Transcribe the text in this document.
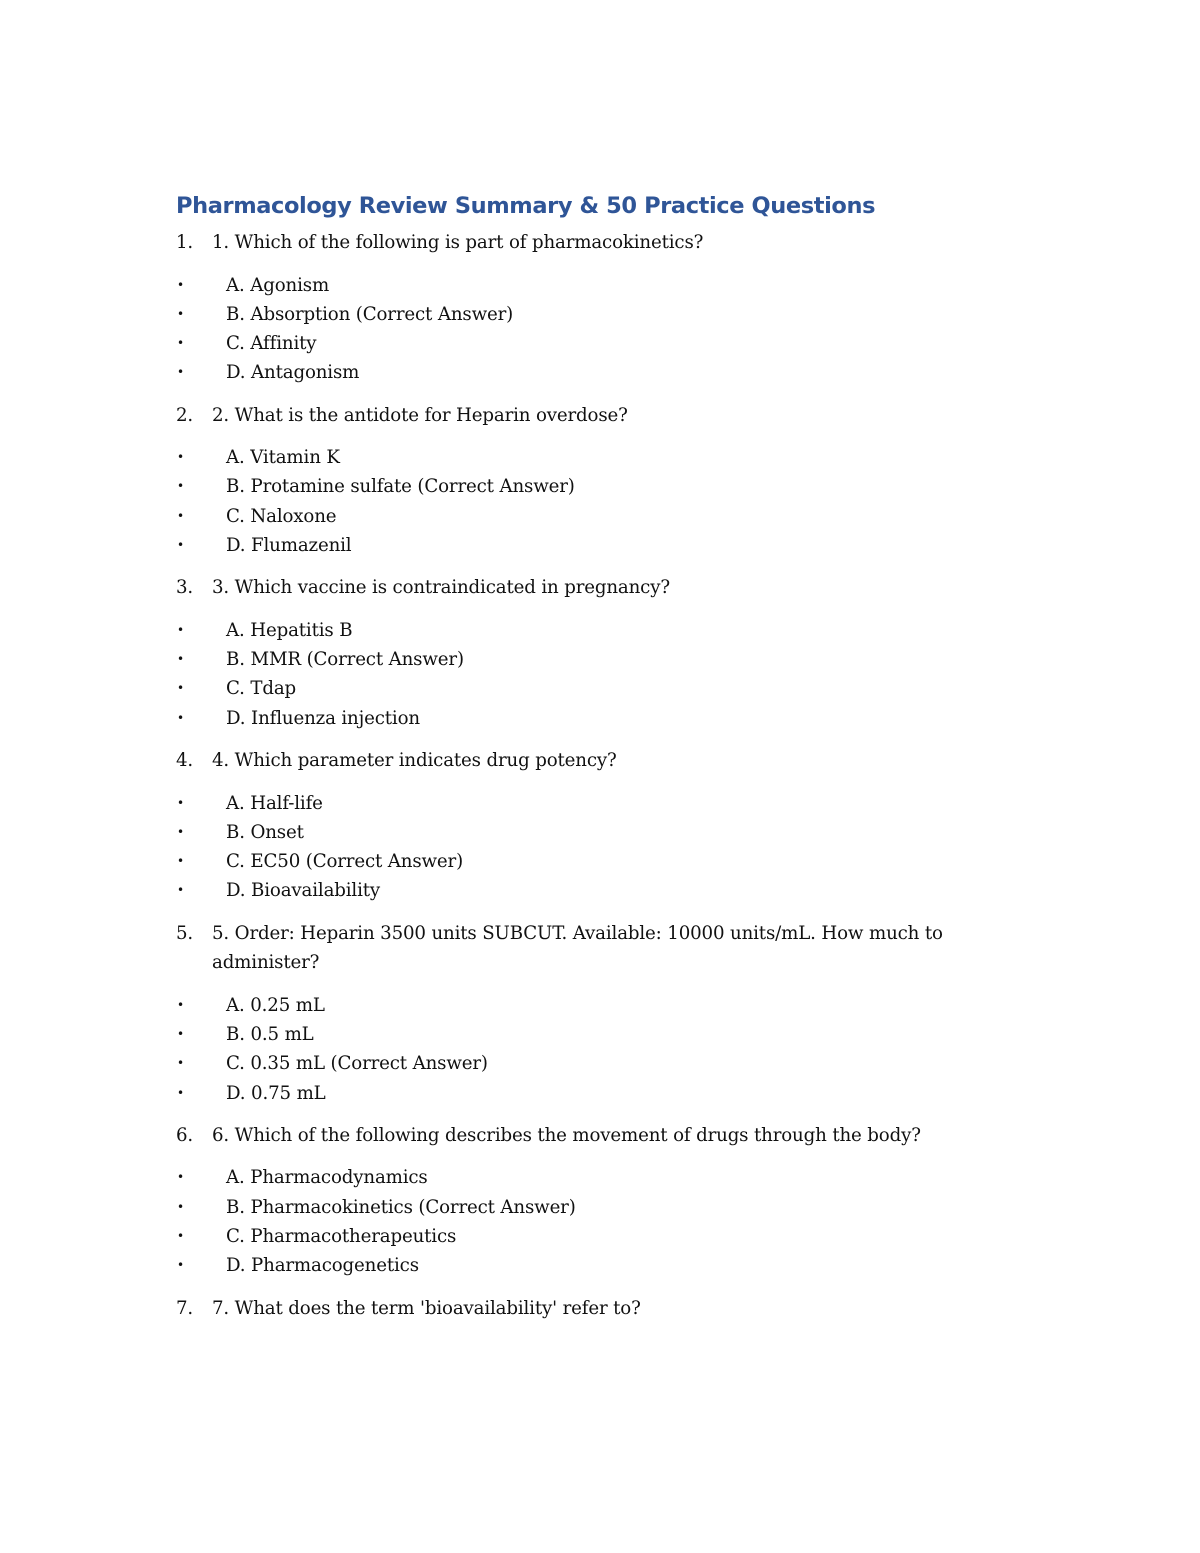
Pharmacology Review Summary & 50 Practice Questions
1.	1. Which of the following is part of pharmacokinetics?
•	A. Agonism
•	B. Absorption (Correct Answer)
•	C. Affinity
•	D. Antagonism
2.	2. What is the antidote for Heparin overdose?
•	A. Vitamin K
•	B. Protamine sulfate (Correct Answer)
•	C. Naloxone
•	D. Flumazenil
3.	3. Which vaccine is contraindicated in pregnancy?
•	A. Hepatitis B
•	B. MMR (Correct Answer)
•	C. Tdap
•	D. Influenza injection
4.	4. Which parameter indicates drug potency?
•	A. Half-life
•	B. Onset
•	C. EC50 (Correct Answer)
•	D. Bioavailability
5.	5. Order: Heparin 3500 units SUBCUT. Available: 10000 units/mL. How much to administer?
•	A. 0.25 mL
•	B. 0.5 mL
•	C. 0.35 mL (Correct Answer)
•	D. 0.75 mL
6.	6. Which of the following describes the movement of drugs through the body?
•	A. Pharmacodynamics
•	B. Pharmacokinetics (Correct Answer)
•	C. Pharmacotherapeutics
•	D. Pharmacogenetics
7.	7. What does the term 'bioavailability' refer to?
